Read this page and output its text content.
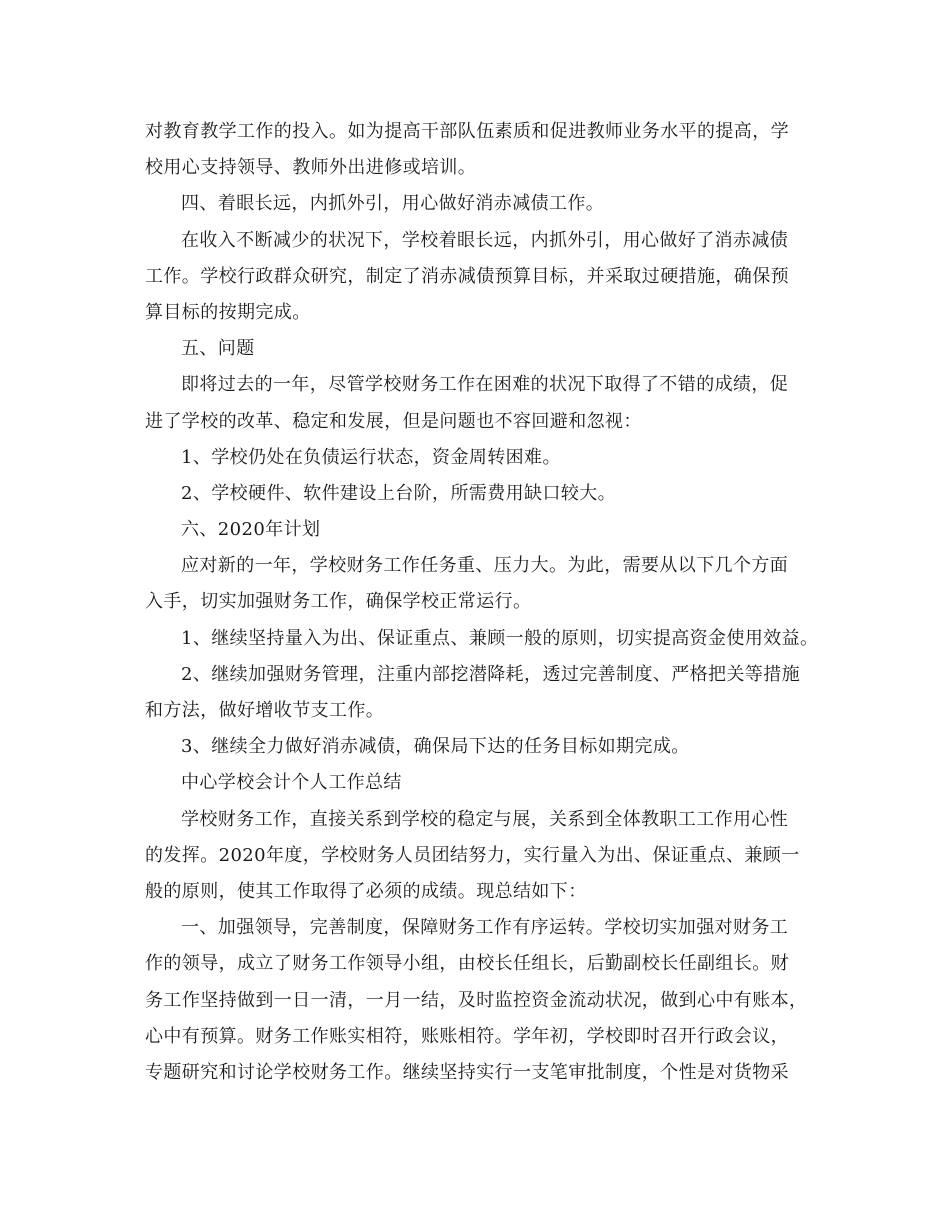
对教育教学工作的投入。如为提高干部队伍素质和促进教师业务水平的提高，学
校用心支持领导、教师外出进修或培训。
四、着眼长远，内抓外引，用心做好消赤减债工作。
在收入不断减少的状况下，学校着眼长远，内抓外引，用心做好了消赤减债
工作。学校行政群众研究，制定了消赤减债预算目标，并采取过硬措施，确保预
算目标的按期完成。
五、问题
即将过去的一年，尽管学校财务工作在困难的状况下取得了不错的成绩，促
进了学校的改革、稳定和发展，但是问题也不容回避和忽视：
1、学校仍处在负债运行状态，资金周转困难。
2、学校硬件、软件建设上台阶，所需费用缺口较大。
六、2020年计划
应对新的一年，学校财务工作任务重、压力大。为此，需要从以下几个方面
入手，切实加强财务工作，确保学校正常运行。
1、继续坚持量入为出、保证重点、兼顾一般的原则，切实提高资金使用效益。
2、继续加强财务管理，注重内部挖潜降耗，透过完善制度、严格把关等措施
和方法，做好增收节支工作。
3、继续全力做好消赤减债，确保局下达的任务目标如期完成。
中心学校会计个人工作总结
学校财务工作，直接关系到学校的稳定与展，关系到全体教职工工作用心性
的发挥。2020年度，学校财务人员团结努力，实行量入为出、保证重点、兼顾一
般的原则，使其工作取得了必须的成绩。现总结如下：
一、加强领导，完善制度，保障财务工作有序运转。学校切实加强对财务工
作的领导，成立了财务工作领导小组，由校长任组长，后勤副校长任副组长。财
务工作坚持做到一日一清，一月一结，及时监控资金流动状况，做到心中有账本，
心中有预算。财务工作账实相符，账账相符。学年初，学校即时召开行政会议，
专题研究和讨论学校财务工作。继续坚持实行一支笔审批制度，个性是对货物采
